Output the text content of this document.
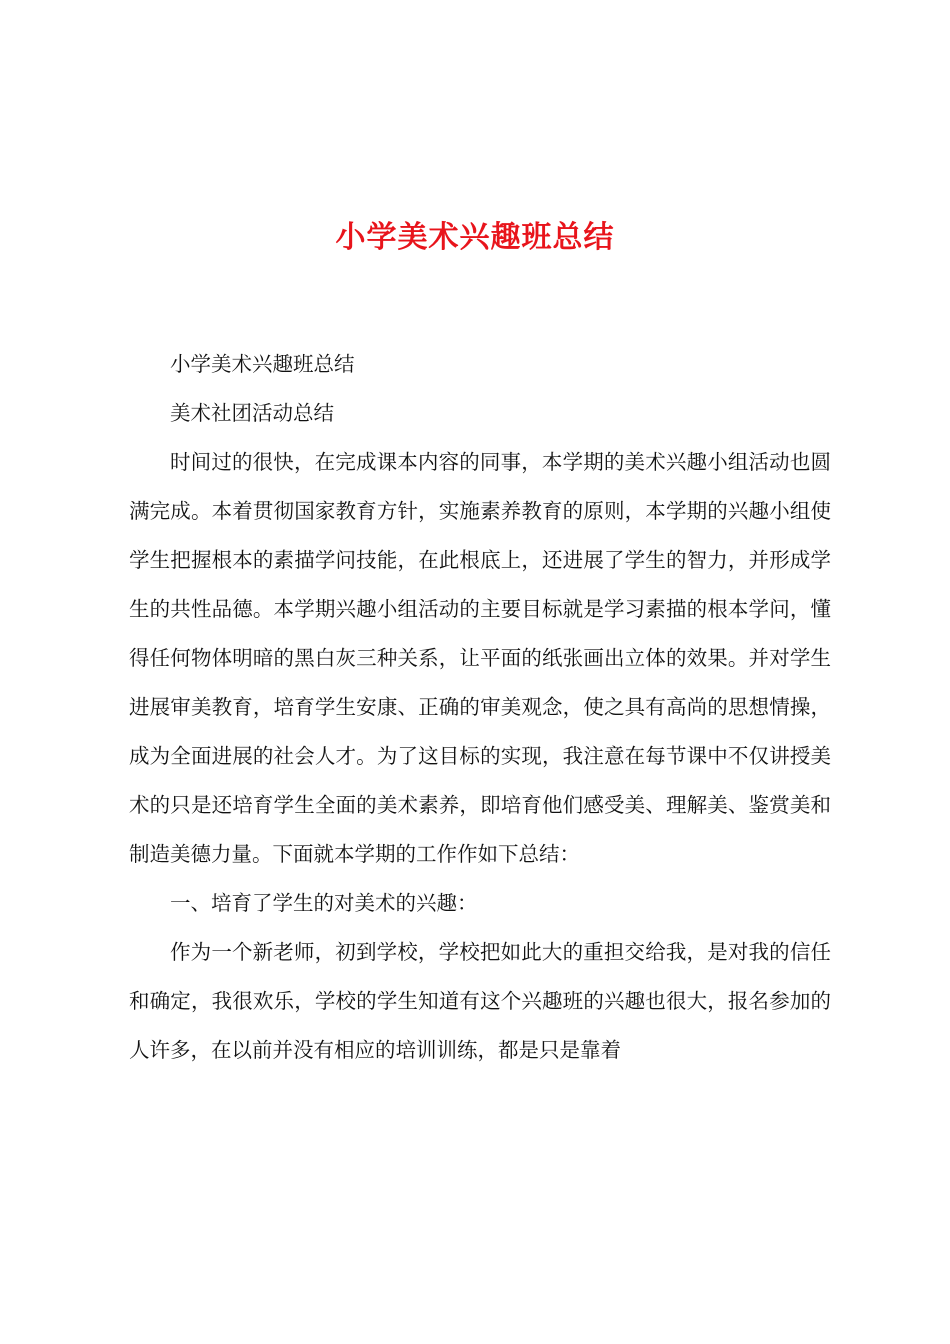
小学美术兴趣班总结

小学美术兴趣班总结

美术社团活动总结

时间过的很快，在完成课本内容的同事，本学期的美术兴趣小组活动也圆满完成。本着贯彻国家教育方针，实施素养教育的原则，本学期的兴趣小组使学生把握根本的素描学问技能，在此根底上，还进展了学生的智力，并形成学生的共性品德。本学期兴趣小组活动的主要目标就是学习素描的根本学问，懂得任何物体明暗的黑白灰三种关系，让平面的纸张画出立体的效果。并对学生进展审美教育，培育学生安康、正确的审美观念，使之具有高尚的思想情操，成为全面进展的社会人才。为了这目标的实现，我注意在每节课中不仅讲授美术的只是还培育学生全面的美术素养，即培育他们感受美、理解美、鉴赏美和制造美德力量。下面就本学期的工作作如下总结：

一、培育了学生的对美术的兴趣：

作为一个新老师，初到学校，学校把如此大的重担交给我，是对我的信任和确定，我很欢乐，学校的学生知道有这个兴趣班的兴趣也很大，报名参加的人许多，在以前并没有相应的培训训练，都是只是靠着
